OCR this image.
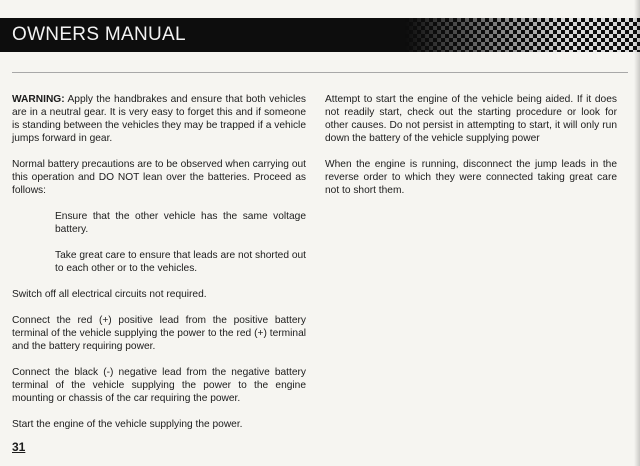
OWNERS MANUAL

WARNING: Apply the handbrakes and ensure that both vehicles are in a neutral gear. It is very easy to forget this and if someone is standing between the vehicles they may be trapped if a vehicle jumps forward in gear.

Normal battery precautions are to be observed when carrying out this operation and DO NOT lean over the batteries. Proceed as follows:

Ensure that the other vehicle has the same voltage battery.

Take great care to ensure that leads are not shorted out to each other or to the vehicles.

Switch off all electrical circuits not required.

Connect the red (+) positive lead from the positive battery terminal of the vehicle supplying the power to the red (+) terminal and the battery requiring power.

Connect the black (-) negative lead from the negative battery terminal of the vehicle supplying the power to the engine mounting or chassis of the car requiring the power.

Start the engine of the vehicle supplying the power.

Attempt to start the engine of the vehicle being aided. If it does not readily start, check out the starting procedure or look for other causes. Do not persist in attempting to start, it will only run down the battery of the vehicle supplying power

When the engine is running, disconnect the jump leads in the reverse order to which they were connected taking great care not to short them.

31
